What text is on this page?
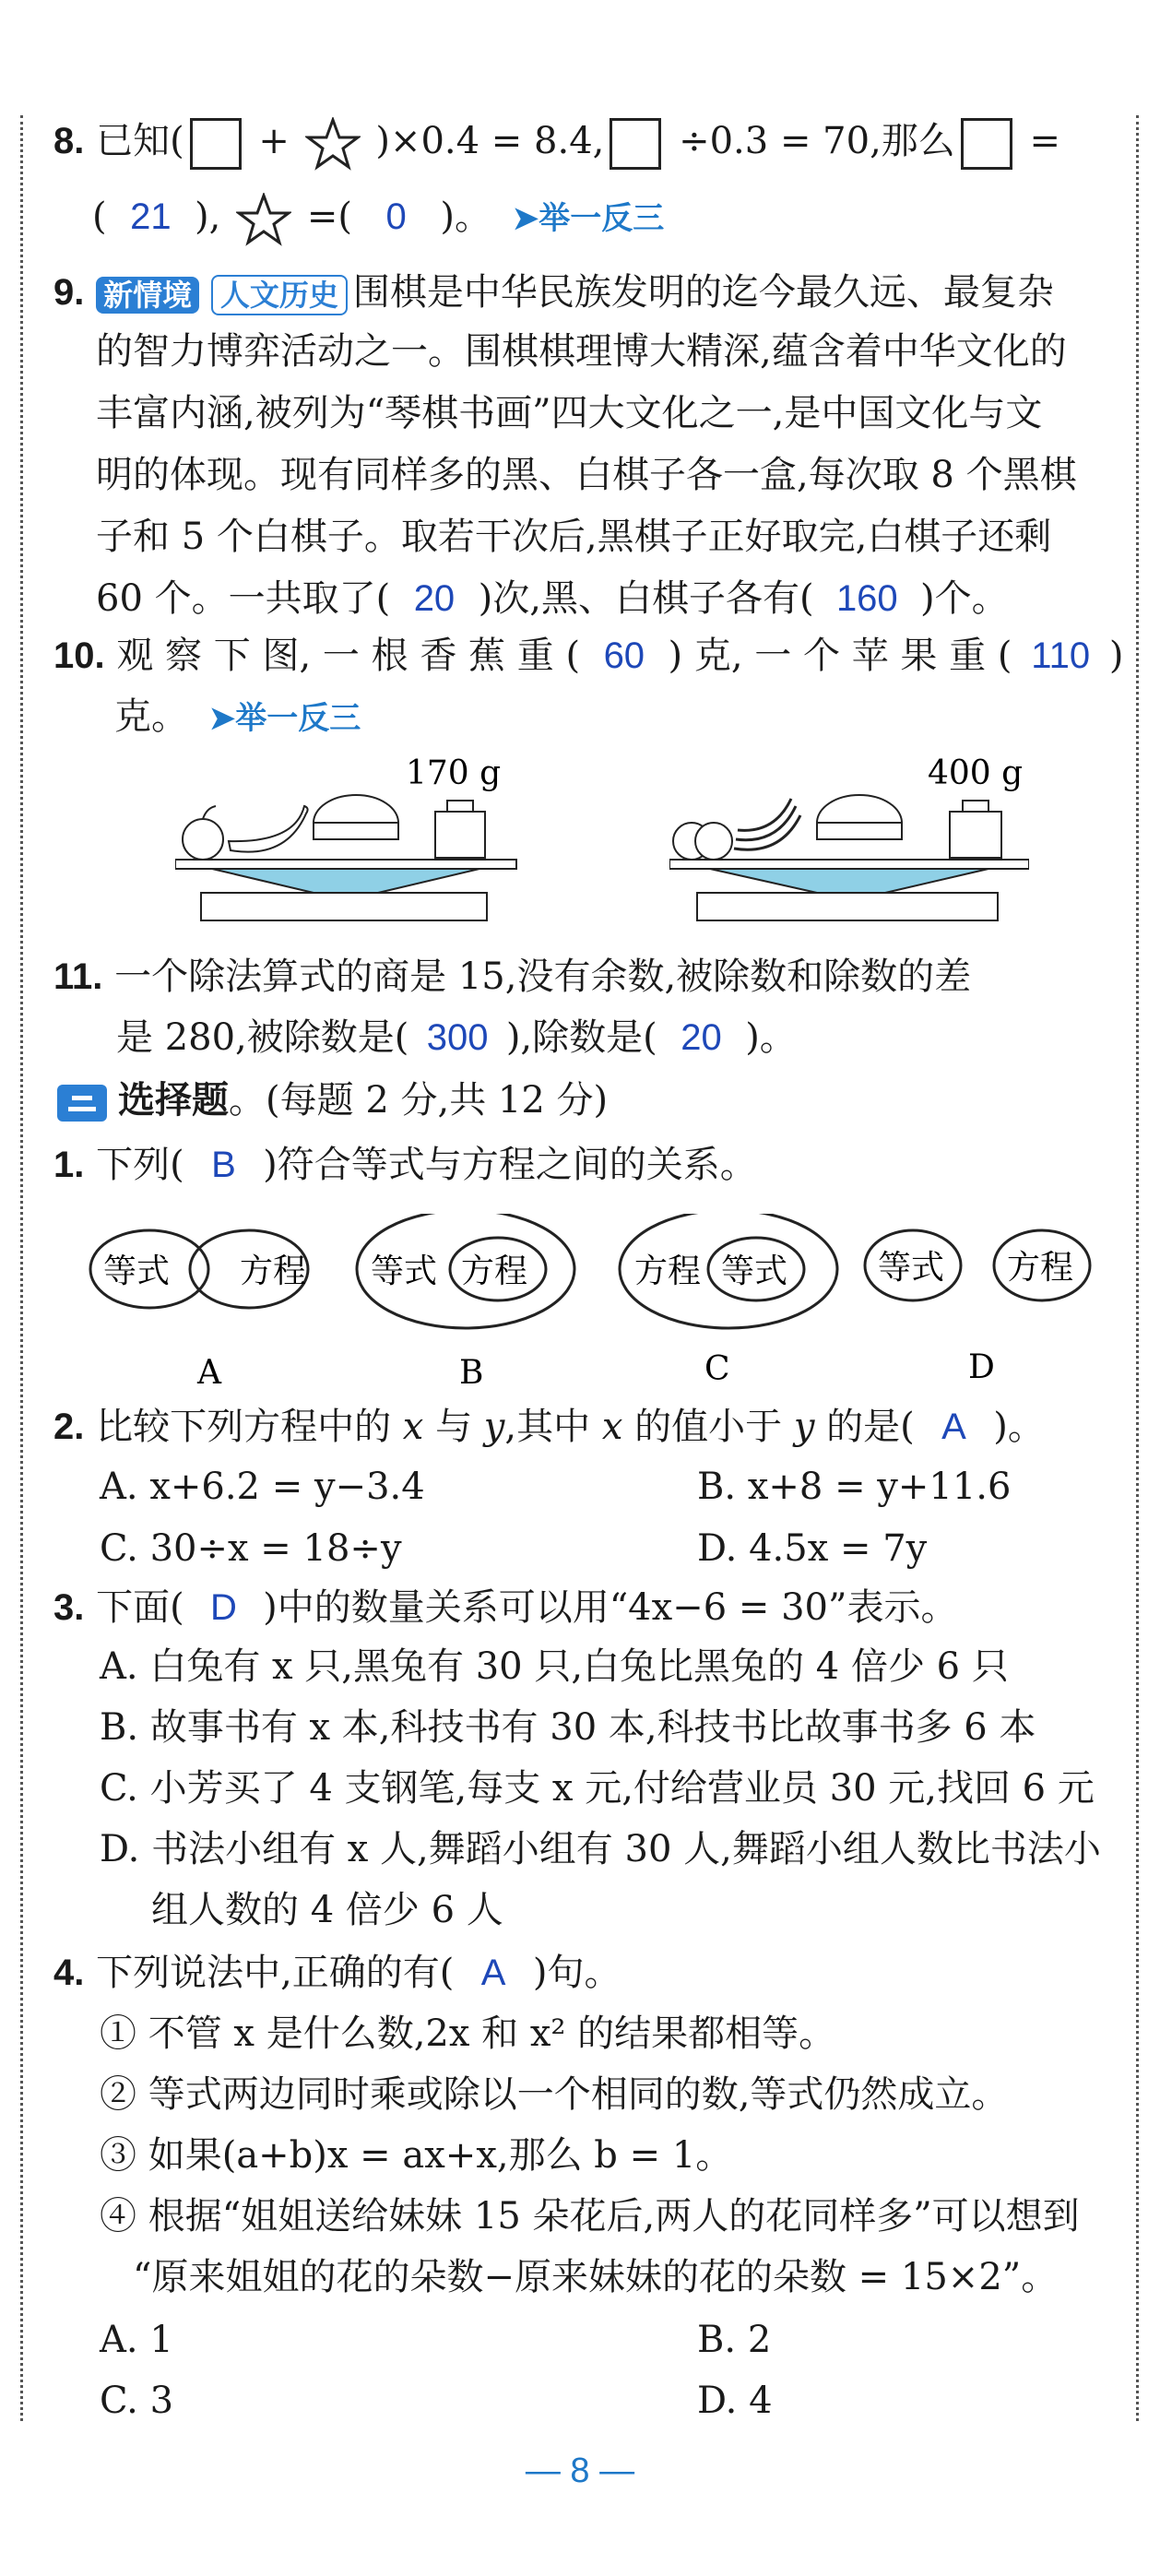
8. 已知( + )×0.4 = 8.4, ÷0.3 = 70,那么 =
( 21 ), =( 0 )。 ➤举一反三
9. 新情境 人文历史 围棋是中华民族发明的迄今最久远、最复杂
的智力博弈活动之一。围棋棋理博大精深,蕴含着中华文化的
丰富内涵,被列为“琴棋书画”四大文化之一,是中国文化与文
明的体现。现有同样多的黑、白棋子各一盒,每次取 8 个黑棋
子和 5 个白棋子。取若干次后,黑棋子正好取完,白棋子还剩
60 个。一共取了( 20 )次,黑、白棋子各有( 160 )个。
10. 观 察 下 图, 一 根 香 蕉 重 ( 60 ) 克, 一 个 苹 果 重 ( 110 )
克。 ➤举一反三
170 g	400 g
11. 一个除法算式的商是 15,没有余数,被除数和除数的差
是 280,被除数是( 300 ),除数是( 20 )。
选择题。(每题 2 分,共 12 分)
1. 下列( B )符合等式与方程之间的关系。
等式 方程 等式 方程	方程 等式	等式 方程
A	B	C	D
2. 比较下列方程中的 x 与 y,其中 x 的值小于 y 的是( A )。
A. x+6.2 = y−3.4	B. x+8 = y+11.6
C. 30÷x = 18÷y	D. 4.5x = 7y
3. 下面( D )中的数量关系可以用“4x−6 = 30”表示。
A. 白兔有 x 只,黑兔有 30 只,白兔比黑兔的 4 倍少 6 只
B. 故事书有 x 本,科技书有 30 本,科技书比故事书多 6 本
C. 小芳买了 4 支钢笔,每支 x 元,付给营业员 30 元,找回 6 元
D. 书法小组有 x 人,舞蹈小组有 30 人,舞蹈小组人数比书法小
组人数的 4 倍少 6 人
4. 下列说法中,正确的有( A )句。
① 不管 x 是什么数,2x 和 x² 的结果都相等。
② 等式两边同时乘或除以一个相同的数,等式仍然成立。
③ 如果(a+b)x = ax+x,那么 b = 1。
④ 根据“姐姐送给妹妹 15 朵花后,两人的花同样多”可以想到
“原来姐姐的花的朵数−原来妹妹的花的朵数 = 15×2”。
A. 1	B. 2
C. 3	D. 4
— 8 —
